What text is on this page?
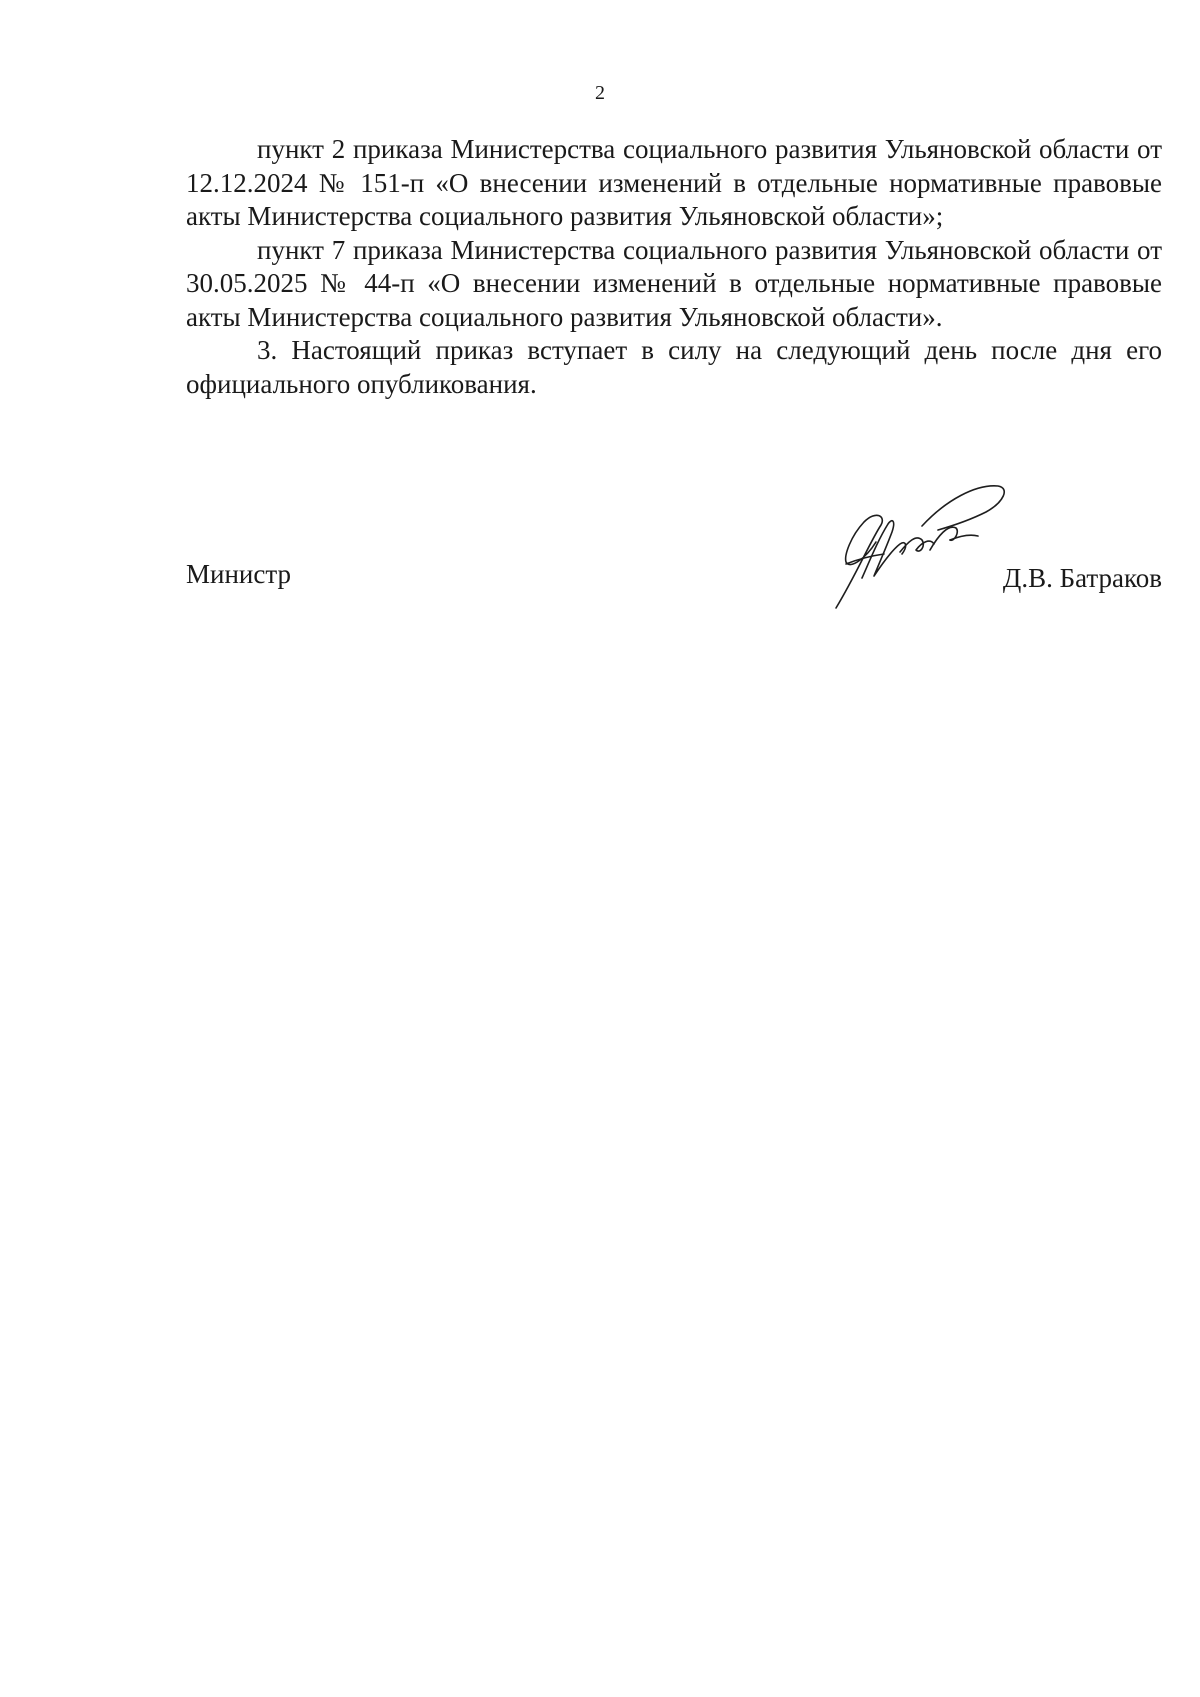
2

пункт 2 приказа Министерства социального развития Ульяновской области от 12.12.2024 № 151-п «О внесении изменений в отдельные нормативные правовые акты Министерства социального развития Ульяновской области»;

пункт 7 приказа Министерства социального развития Ульяновской области от 30.05.2025 № 44-п «О внесении изменений в отдельные нормативные правовые акты Министерства социального развития Ульяновской области».

3. Настоящий приказ вступает в силу на следующий день после дня его официального опубликования.

Министр	Д.В. Батраков
